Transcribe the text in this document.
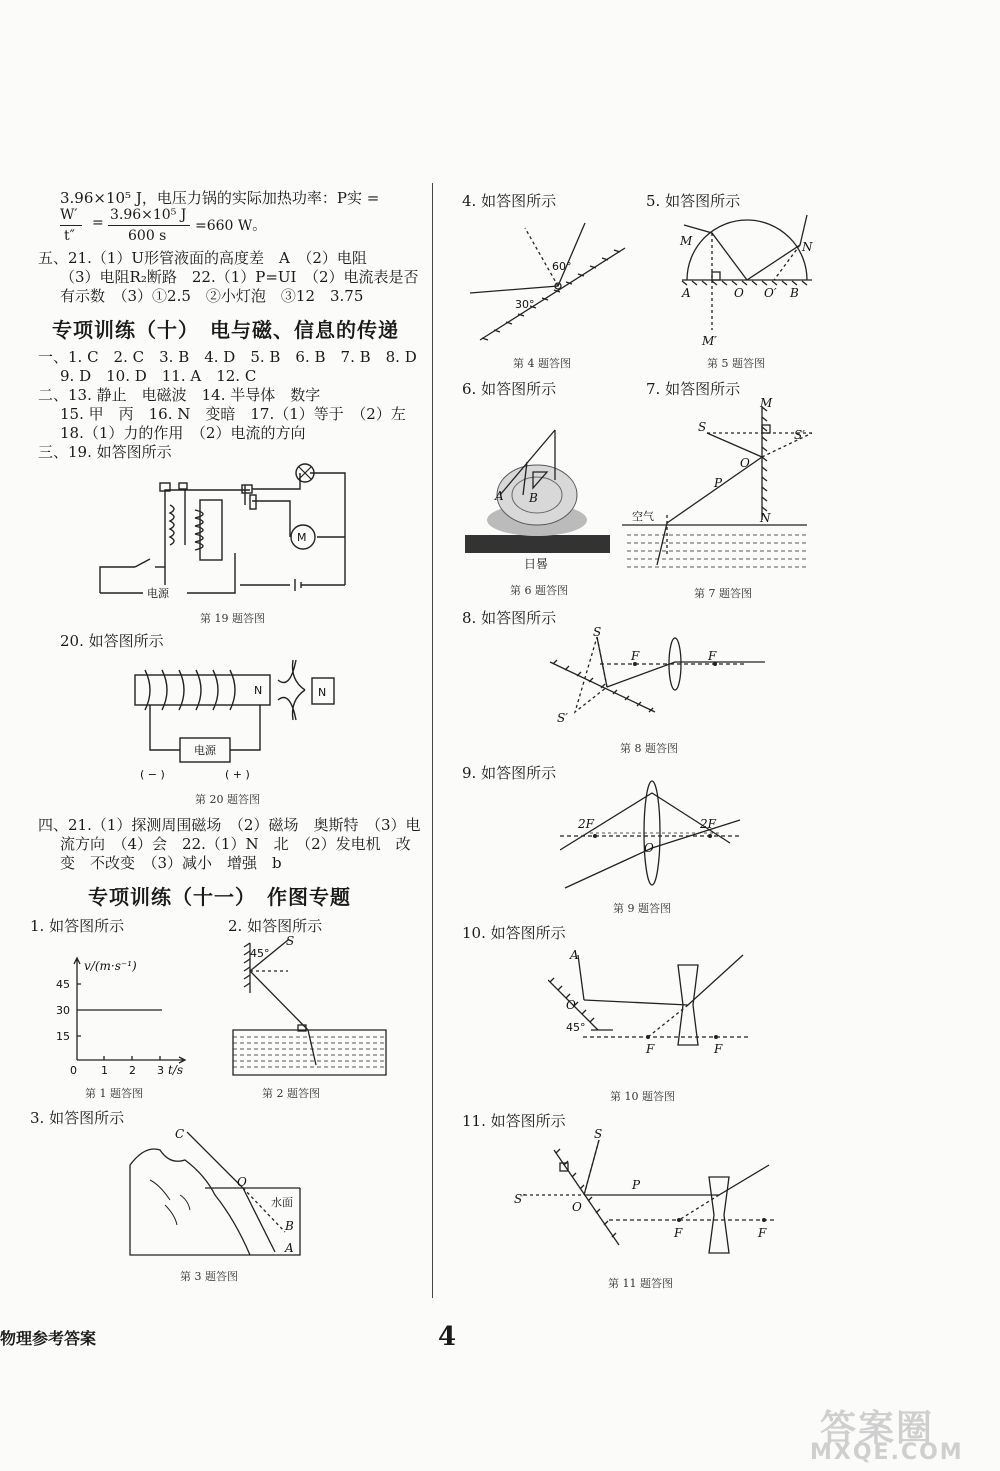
3.96×10⁵ J，电压力锅的实际加热功率：P实 =
W′ = 3.96×10⁵ J
=660 W。
t″	600 s
五、21.（1）U形管液面的高度差　A　（2）电阻
（3）电阻R₂断路　22.（1）P=UI　（2）电流表是否
有示数　（3）①2.5　②小灯泡　③12　3.75
专项训练（十）　电与磁、信息的传递
一、1. C　2. C　3. B　4. D　5. B　6. B　7. B　8. D
9. D　10. D　11. A　12. C
二、13. 静止　电磁波　14. 半导体　数字
15. 甲　丙　16. N　变暗　17.（1）等于　（2）左
18.（1）力的作用　（2）电流的方向
三、19. 如答图所示
M
电源
第 19 题答图
20. 如答图所示
N	N
电源
( − )	( + )
第 20 题答图
四、21.（1）探测周围磁场　（2）磁场　奥斯特　（3）电
流方向　（4）会　22.（1）N　北　（2）发电机　改
变　不改变　（3）减小　增强　b
专项训练（十一）　作图专题
1. 如答图所示	2. 如答图所示
v/(m·s⁻¹)
45
30
15
0 1 2 3 t/s
第 1 题答图
45°
S
第 2 题答图
3. 如答图所示
C
O
水面
B
A
第 3 题答图
4. 如答图所示	5. 如答图所示
60°
30°
第 4 题答图
M	N
A	O O′ B
M′
第 5 题答图
6. 如答图所示	7. 如答图所示
A B
日晷
第 6 题答图
M
S
S′
O
P
空气	N
第 7 题答图
8. 如答图所示
S
F	F
S′
第 8 题答图
9. 如答图所示
2F	2F
O
第 9 题答图
10. 如答图所示
A
O
45°
F	F
第 10 题答图
11. 如答图所示
S
S′
O
P
F	F
第 11 题答图
物理参考答案	4
答案圈
MXQE.COM
